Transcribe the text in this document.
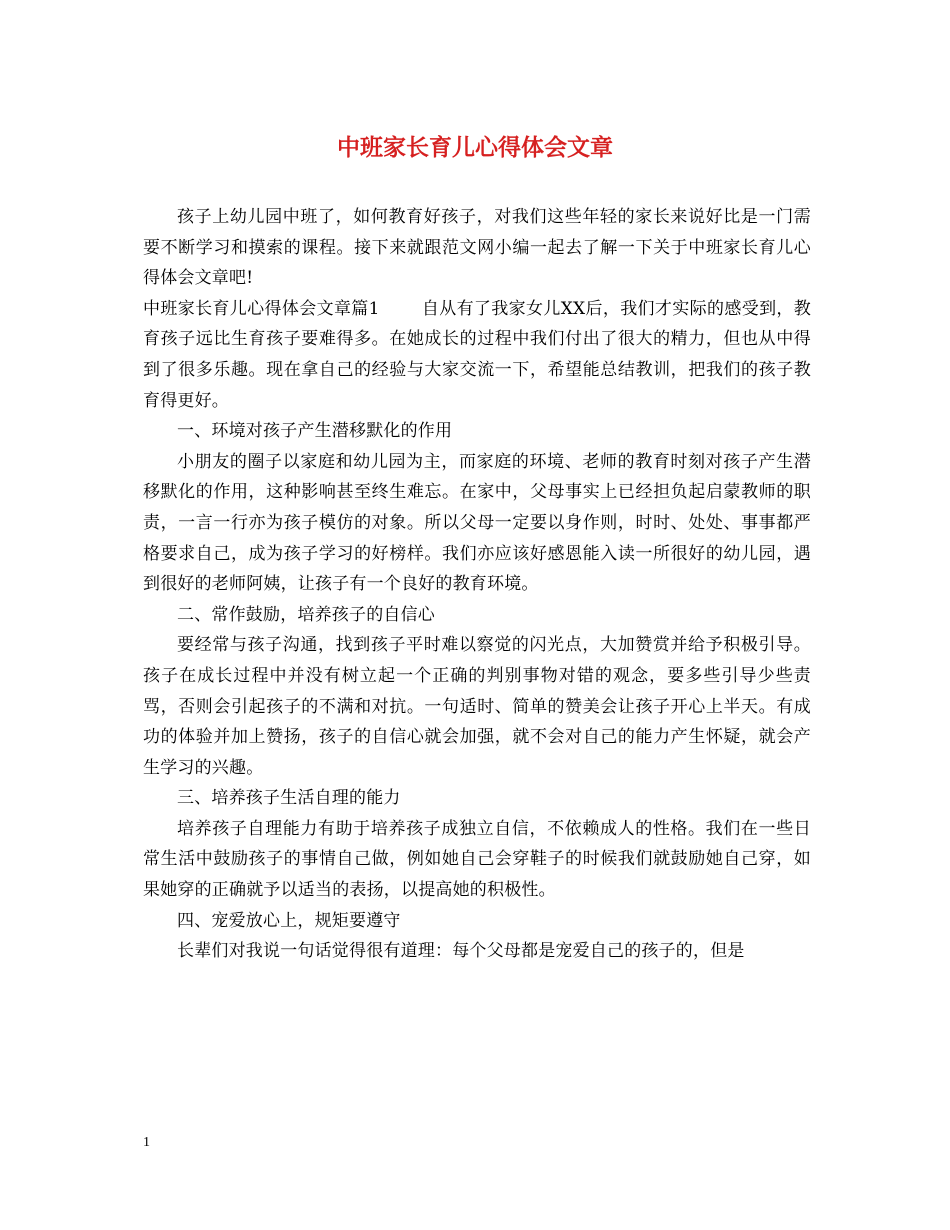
中班家长育儿心得体会文章

孩子上幼儿园中班了，如何教育好孩子，对我们这些年轻的家长来说好比是一门需要不断学习和摸索的课程。接下来就跟范文网小编一起去了解一下关于中班家长育儿心得体会文章吧!

中班家长育儿心得体会文章篇1 自从有了我家女儿XX后，我们才实际的感受到，教育孩子远比生育孩子要难得多。在她成长的过程中我们付出了很大的精力，但也从中得到了很多乐趣。现在拿自己的经验与大家交流一下，希望能总结教训，把我们的孩子教育得更好。

一、环境对孩子产生潜移默化的作用

小朋友的圈子以家庭和幼儿园为主，而家庭的环境、老师的教育时刻对孩子产生潜移默化的作用，这种影响甚至终生难忘。在家中，父母事实上已经担负起启蒙教师的职责，一言一行亦为孩子模仿的对象。所以父母一定要以身作则，时时、处处、事事都严格要求自己，成为孩子学习的好榜样。我们亦应该好感恩能入读一所很好的幼儿园，遇到很好的老师阿姨，让孩子有一个良好的教育环境。

二、常作鼓励，培养孩子的自信心

要经常与孩子沟通，找到孩子平时难以察觉的闪光点，大加赞赏并给予积极引导。孩子在成长过程中并没有树立起一个正确的判别事物对错的观念，要多些引导少些责骂，否则会引起孩子的不满和对抗。一句适时、简单的赞美会让孩子开心上半天。有成功的体验并加上赞扬，孩子的自信心就会加强，就不会对自己的能力产生怀疑，就会产生学习的兴趣。

三、培养孩子生活自理的能力

培养孩子自理能力有助于培养孩子成独立自信，不依赖成人的性格。我们在一些日常生活中鼓励孩子的事情自己做，例如她自己会穿鞋子的时候我们就鼓励她自己穿，如果她穿的正确就予以适当的表扬，以提高她的积极性。

四、宠爱放心上，规矩要遵守

长辈们对我说一句话觉得很有道理：每个父母都是宠爱自己的孩子的，但是

1
